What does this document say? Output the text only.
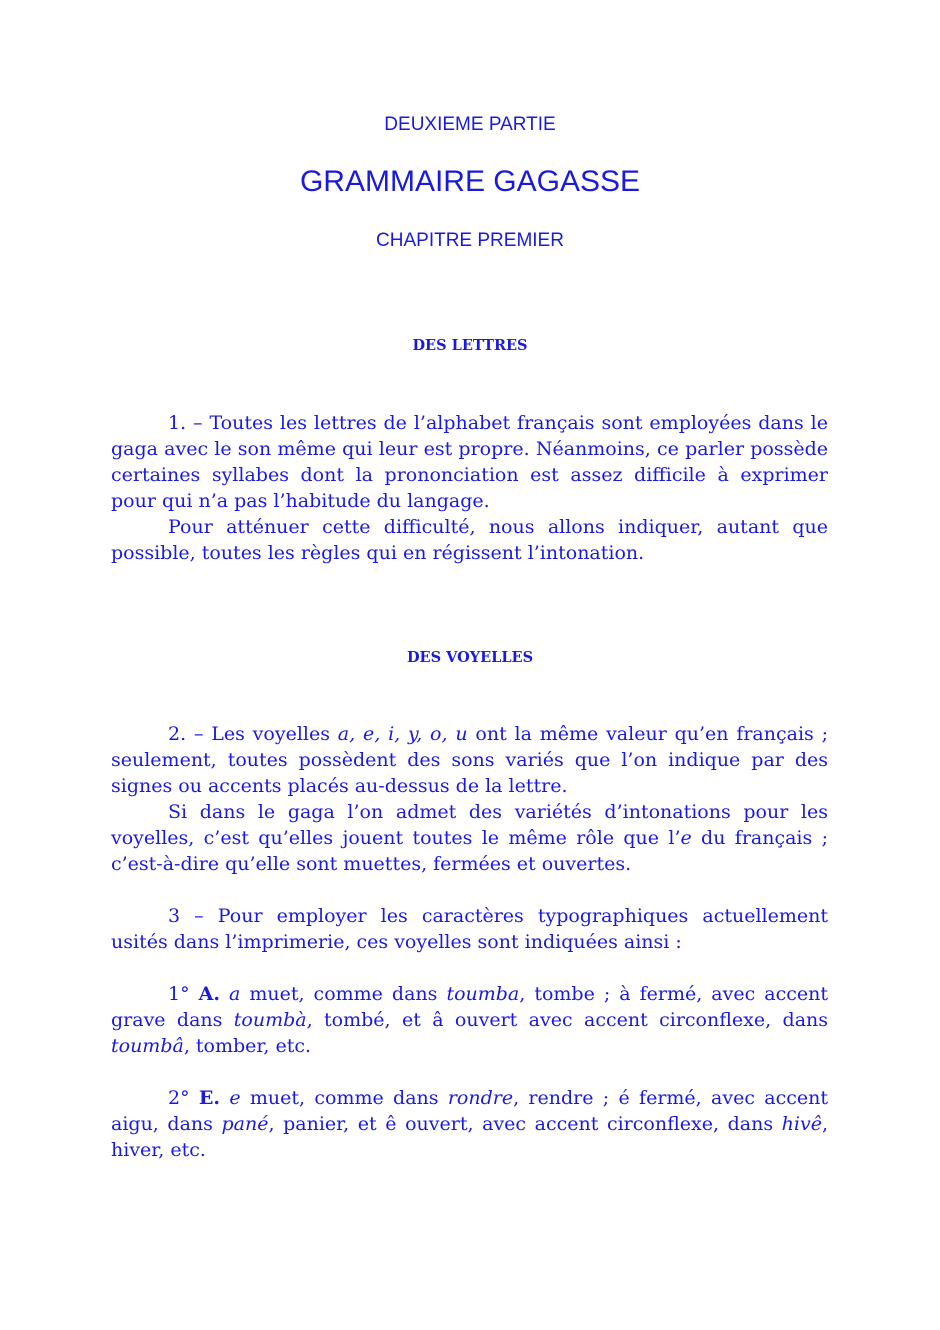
DEUXIEME PARTIE
GRAMMAIRE GAGASSE
CHAPITRE PREMIER
DES LETTRES

1. – Toutes les lettres de l’alphabet français sont employées dans le gaga avec le son même qui leur est propre. Néanmoins, ce parler possède certaines syllabes dont la prononciation est assez difficile à exprimer pour qui n’a pas l’habitude du langage.

Pour atténuer cette difficulté, nous allons indiquer, autant que possible, toutes les règles qui en régissent l’intonation.

DES VOYELLES

2. – Les voyelles a, e, i, y, o, u ont la même valeur qu’en français ; seulement, toutes possèdent des sons variés que l’on indique par des signes ou accents placés au-dessus de la lettre.

Si dans le gaga l’on admet des variétés d’intonations pour les voyelles, c’est qu’elles jouent toutes le même rôle que l’e du français ; c’est-à-dire qu’elle sont muettes, fermées et ouvertes.

3 – Pour employer les caractères typographiques actuellement usités dans l’imprimerie, ces voyelles sont indiquées ainsi :

1° A. a muet, comme dans toumba, tombe ; à fermé, avec accent grave dans toumbà, tombé, et â ouvert avec accent circonflexe, dans toumbâ, tomber, etc.

2° E. e muet, comme dans rondre, rendre ; é fermé, avec accent aigu, dans pané, panier, et ê ouvert, avec accent circonflexe, dans hivê, hiver, etc.
